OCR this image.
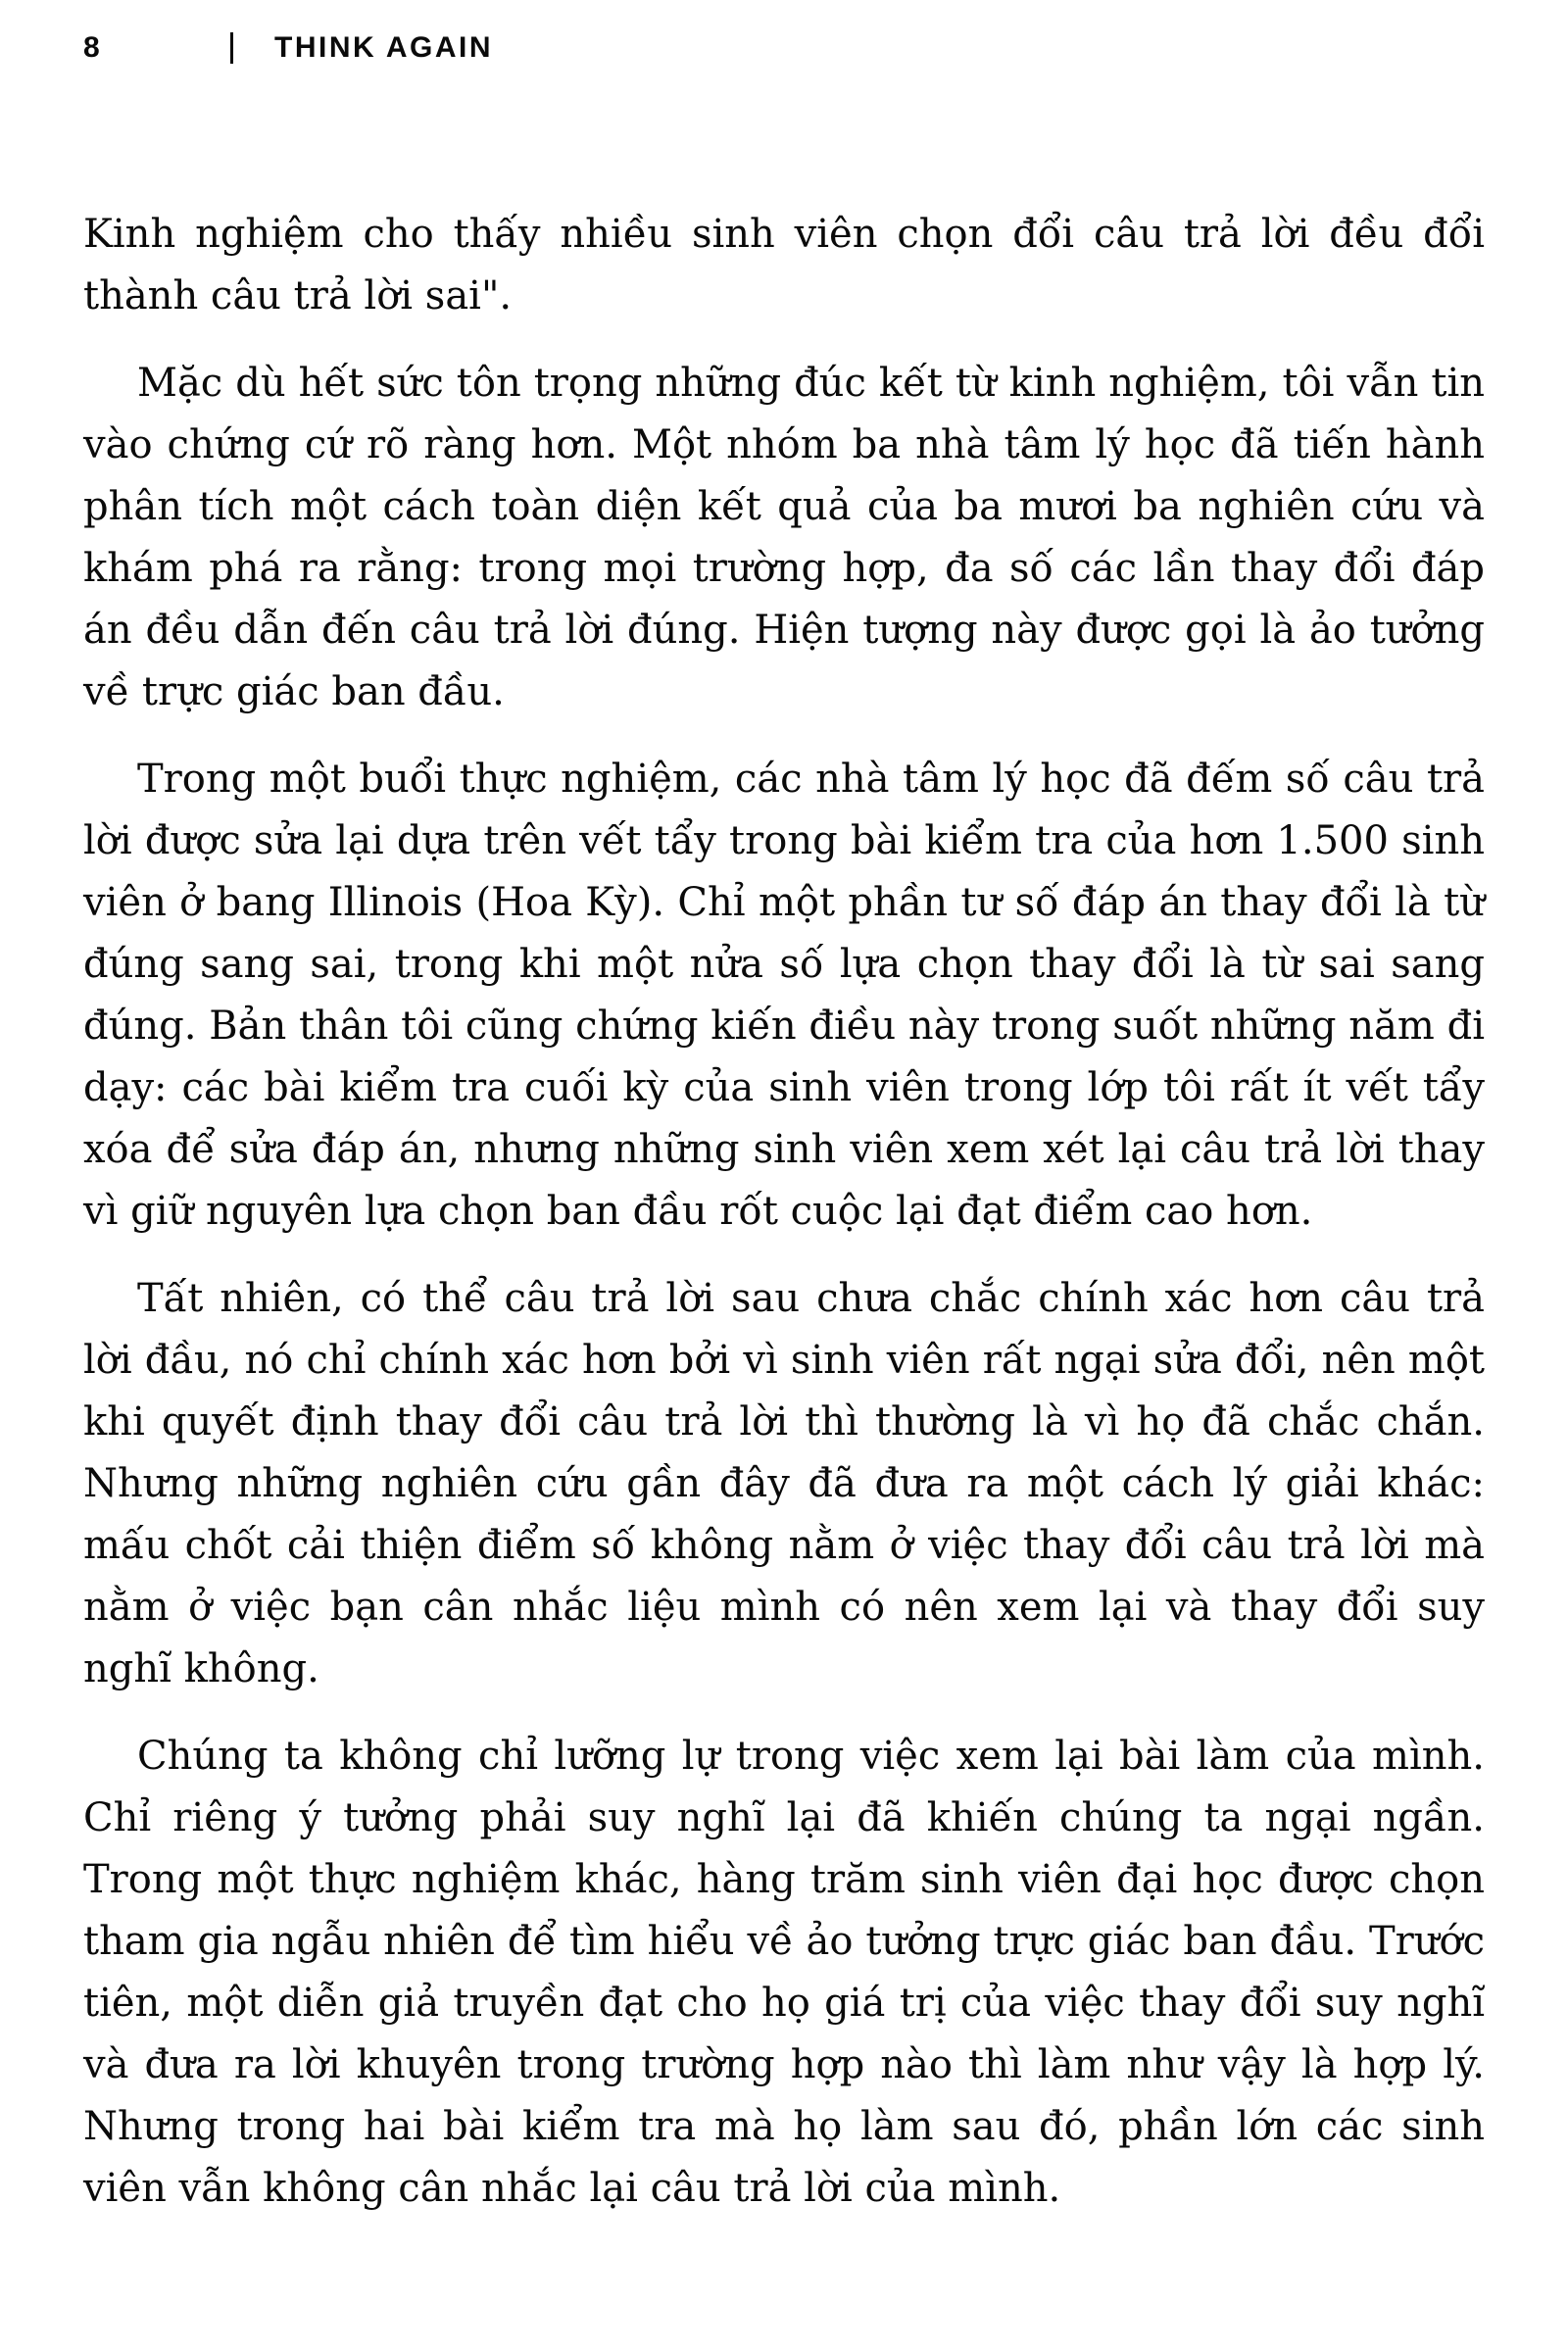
8	THINK AGAIN

Kinh nghiệm cho thấy nhiều sinh viên chọn đổi câu trả lời đều đổi thành câu trả lời sai".

Mặc dù hết sức tôn trọng những đúc kết từ kinh nghiệm, tôi vẫn tin vào chứng cứ rõ ràng hơn. Một nhóm ba nhà tâm lý học đã tiến hành phân tích một cách toàn diện kết quả của ba mươi ba nghiên cứu và khám phá ra rằng: trong mọi trường hợp, đa số các lần thay đổi đáp án đều dẫn đến câu trả lời đúng. Hiện tượng này được gọi là ảo tưởng về trực giác ban đầu.

Trong một buổi thực nghiệm, các nhà tâm lý học đã đếm số câu trả lời được sửa lại dựa trên vết tẩy trong bài kiểm tra của hơn 1.500 sinh viên ở bang Illinois (Hoa Kỳ). Chỉ một phần tư số đáp án thay đổi là từ đúng sang sai, trong khi một nửa số lựa chọn thay đổi là từ sai sang đúng. Bản thân tôi cũng chứng kiến điều này trong suốt những năm đi dạy: các bài kiểm tra cuối kỳ của sinh viên trong lớp tôi rất ít vết tẩy xóa để sửa đáp án, nhưng những sinh viên xem xét lại câu trả lời thay vì giữ nguyên lựa chọn ban đầu rốt cuộc lại đạt điểm cao hơn.

Tất nhiên, có thể câu trả lời sau chưa chắc chính xác hơn câu trả lời đầu, nó chỉ chính xác hơn bởi vì sinh viên rất ngại sửa đổi, nên một khi quyết định thay đổi câu trả lời thì thường là vì họ đã chắc chắn. Nhưng những nghiên cứu gần đây đã đưa ra một cách lý giải khác: mấu chốt cải thiện điểm số không nằm ở việc thay đổi câu trả lời mà nằm ở việc bạn cân nhắc liệu mình có nên xem lại và thay đổi suy nghĩ không.

Chúng ta không chỉ lưỡng lự trong việc xem lại bài làm của mình. Chỉ riêng ý tưởng phải suy nghĩ lại đã khiến chúng ta ngại ngần. Trong một thực nghiệm khác, hàng trăm sinh viên đại học được chọn tham gia ngẫu nhiên để tìm hiểu về ảo tưởng trực giác ban đầu. Trước tiên, một diễn giả truyền đạt cho họ giá trị của việc thay đổi suy nghĩ và đưa ra lời khuyên trong trường hợp nào thì làm như vậy là hợp lý. Nhưng trong hai bài kiểm tra mà họ làm sau đó, phần lớn các sinh viên vẫn không cân nhắc lại câu trả lời của mình.
